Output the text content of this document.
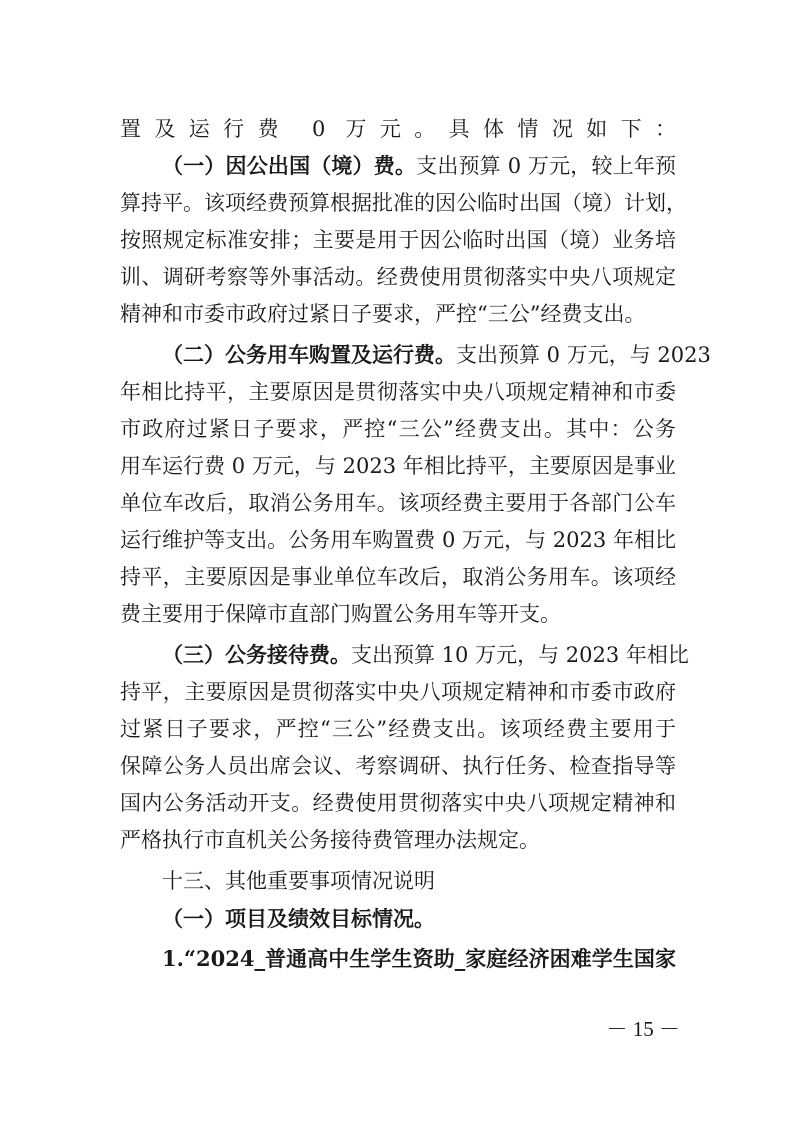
置及运行费 0 万元。具体情况如下：
（一）因公出国（境）费。支出预算 0 万元，较上年预
算持平。该项经费预算根据批准的因公临时出国（境）计划，
按照规定标准安排；主要是用于因公临时出国（境）业务培
训、调研考察等外事活动。经费使用贯彻落实中央八项规定
精神和市委市政府过紧日子要求，严控“三公”经费支出。
（二）公务用车购置及运行费。支出预算 0 万元，与 2023
年相比持平，主要原因是贯彻落实中央八项规定精神和市委
市政府过紧日子要求，严控“三公”经费支出。其中：公务
用车运行费 0 万元，与 2023 年相比持平，主要原因是事业
单位车改后，取消公务用车。该项经费主要用于各部门公车
运行维护等支出。公务用车购置费 0 万元，与 2023 年相比
持平，主要原因是事业单位车改后，取消公务用车。该项经
费主要用于保障市直部门购置公务用车等开支。
（三）公务接待费。支出预算 10 万元，与 2023 年相比
持平，主要原因是贯彻落实中央八项规定精神和市委市政府
过紧日子要求，严控“三公”经费支出。该项经费主要用于
保障公务人员出席会议、考察调研、执行任务、检查指导等
国内公务活动开支。经费使用贯彻落实中央八项规定精神和
严格执行市直机关公务接待费管理办法规定。
十三、其他重要事项情况说明
（一）项目及绩效目标情况。
1.“2024_普通高中生学生资助_家庭经济困难学生国家
－ 15 －
